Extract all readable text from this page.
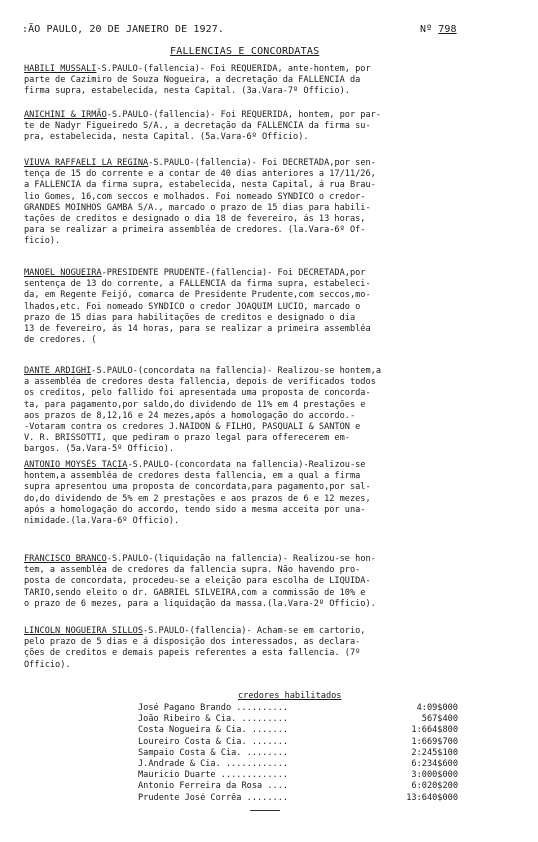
:ÃO PAULO, 20 DE JANEIRO DE 1927.	Nº 798
FALLENCIAS E CONCORDATAS
HABILI MUSSALI-S.PAULO-(fallencia)- Foi REQUERIDA, ante-hontem, por
parte de Cazimiro de Souza Nogueira, a decretação da FALLENCIA da
firma supra, estabelecida, nesta Capital. (3a.Vara-7º Officio).
ANICHINI & IRMÃO-S.PAULO-(fallencia)- Foi REQUERIDA, hontem, por par-
te de Nadyr Figueiredo S/A., a decretação da FALLENCIA da firma su-
pra, estabelecida, nesta Capital. (5a.Vara-6º Officio).
VIUVA RAFFAELI LA REGINA-S.PAULO-(fallencia)- Foi DECRETADA,por sen-
tença de 15 do corrente e a contar de 40 dias anteriores a 17/11/26,
a FALLENCIA da firma supra, estabelecida, nesta Capital, á rua Brau-
lio Gomes, 16,com seccos e molhados. Foi nomeado SYNDICO o credor-
GRANDES MOINHOS GAMBA S/A., marcado o prazo de 15 dias para habili-
tações de creditos e designado o dia 18 de fevereiro, ás 13 horas,
para se realizar a primeira assembléa de credores. (la.Vara-6º Of-
ficio).
MANOEL NOGUEIRA-PRESIDENTE PRUDENTE-(fallencia)- Foi DECRETADA,por
sentença de 13 do corrente, a FALLENCIA da firma supra, estabeleci-
da, em Regente Feijó, comarca de Presidente Prudente,com seccos,mo-
lhados,etc. Foi nomeado SYNDICO o credor JOAQUIM LUCIO, marcado o
prazo de 15 dias para habilitações de creditos e designado o dia
13 de fevereiro, ás 14 horas, para se realizar a primeira assembléa
de credores. (
DANTE ARDIGHI-S.PAULO-(concordata na fallencia)- Realizou-se hontem,a
a assembléa de credores desta fallencia, depois de verificados todos
os creditos, pelo fallido foi apresentada uma proposta de concorda-
ta, para pagamento,por saldo,do dividendo de 11% em 4 prestações e
aos prazos de 8,12,16 e 24 mezes,após a homologação do accordo.-
-Votaram contra os credores J.NAIDON & FILHO, PASQUALI & SANTON e
V. R. BRISSOTTI, que pediram o prazo legal para offerecerem em-
bargos. (5a.Vara-5º Officio).
ANTONIO MOYSÉS TACIA-S.PAULO-(concordata na fallencia)-Realizou-se
hontem,a assembléa de credores desta fallencia, em a qual a firma
supra apresentou uma proposta de concordata,para pagamento,por sal-
do,do dividendo de 5% em 2 prestações e aos prazos de 6 e 12 mezes,
após a homologação do accordo, tendo sido a mesma acceita por una-
nimidade.(la.Vara-6º Officio).
FRANCISCO BRANCO-S.PAULO-(liquidação na fallencia)- Realizou-se hon-
tem, a assembléa de credores da fallencia supra. Não havendo pro-
posta de concordata, procedeu-se a eleição para escolha de LIQUIDA-
TARIO,sendo eleito o dr. GABRIEL SILVEIRA,com a commissão de 10% e
o prazo de 6 mezes, para a liquidação da massa.(la.Vara-2º Officio).
LINCOLN NOGUEIRA SILLOS-S.PAULO-(fallencia)- Acham-se em cartorio,
pelo prazo de 5 dias e á disposição dos interessados, as declara-
ções de creditos e demais papeis referentes a esta fallencia. (7º
Officio).
credores habilitados
José Pagano Brando ..........	4:09$000
João Ribeiro & Cia. .........	567$400
Costa Nogueira & Cia. .......	1:664$800
Loureiro Costa & Cia. .......	1:669$700
Sampaio Costa & Cia. ........	2:245$100
J.Andrade & Cia. ............	6:234$600
Mauricio Duarte .............	3:000$000
Antonio Ferreira da Rosa ....	6:020$200
Prudente José Corrêa ........	13:640$000
